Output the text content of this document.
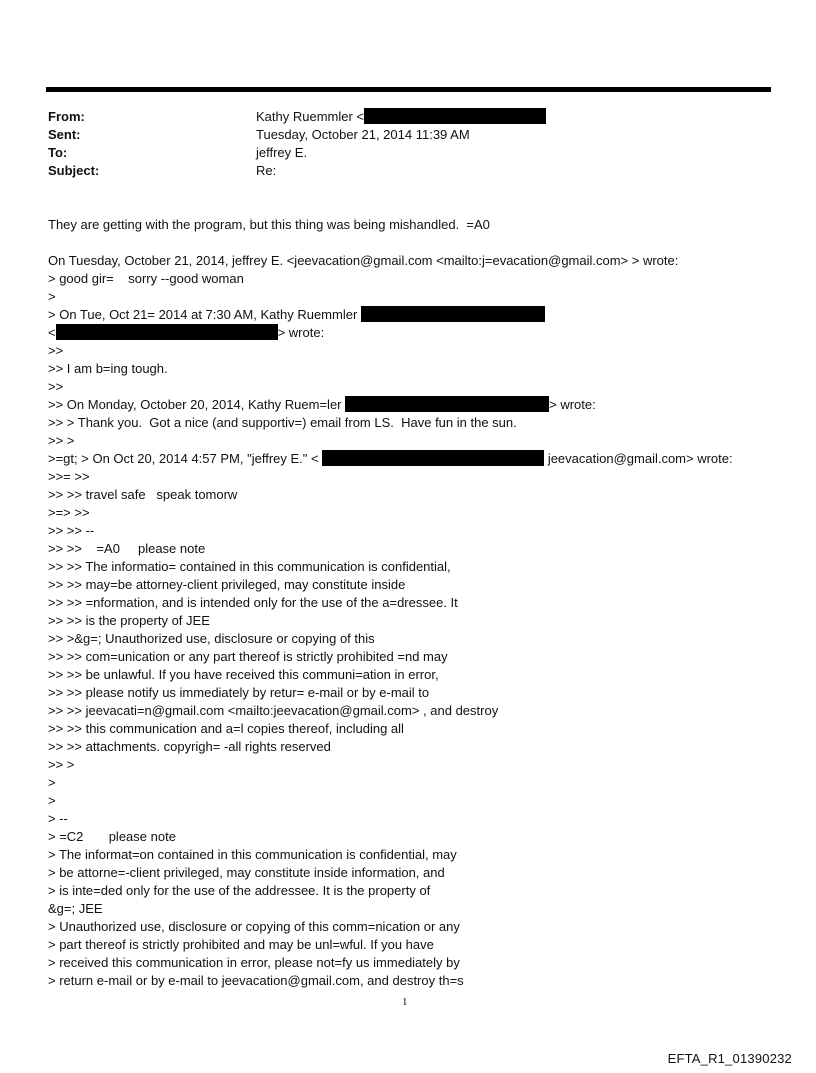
From:	Kathy Ruemmler <
Sent:	Tuesday, October 21, 2014 11:39 AM
To:	jeffrey E.
Subject:	Re:
They are getting with the program, but this thing was being mishandled.  =A0
On Tuesday, October 21, 2014, jeffrey E. <jeevacation@gmail.com <mailto:j=evacation@gmail.com> > wrote:
> good gir=    sorry --good woman
>
> On Tue, Oct 21= 2014 at 7:30 AM, Kathy Ruemmler
<	> wrote:
>>
>> I am b=ing tough.
>>
>> On Monday, October 20, 2014, Kathy Ruem=ler	> wrote:
>> > Thank you.  Got a nice (and supportiv=) email from LS.  Have fun in the sun.
>> >
>=gt; > On Oct 20, 2014 4:57 PM, "jeffrey E." <	jeevacation@gmail.com> wrote:
>>= >>
>> >> travel safe   speak tomorw
>=> >>
>> >> --
>> >>    =A0     please note
>> >> The informatio= contained in this communication is confidential,
>> >> may=be attorney-client privileged, may constitute inside
>> >> =nformation, and is intended only for the use of the a=dressee. It
>> >> is the property of JEE
>> >&g=; Unauthorized use, disclosure or copying of this
>> >> com=unication or any part thereof is strictly prohibited =nd may
>> >> be unlawful. If you have received this communi=ation in error,
>> >> please notify us immediately by retur= e-mail or by e-mail to
>> >> jeevacati=n@gmail.com <mailto:jeevacation@gmail.com> , and destroy
>> >> this communication and a=l copies thereof, including all
>> >> attachments. copyrigh= -all rights reserved
>> >
>
>
> --
> =C2       please note
> The informat=on contained in this communication is confidential, may
> be attorne=-client privileged, may constitute inside information, and
> is inte=ded only for the use of the addressee. It is the property of
&g=; JEE
> Unauthorized use, disclosure or copying of this comm=nication or any
> part thereof is strictly prohibited and may be unl=wful. If you have
> received this communication in error, please not=fy us immediately by
> return e-mail or by e-mail to jeevacation@gmail.com, and destroy th=s
1
EFTA_R1_01390232
